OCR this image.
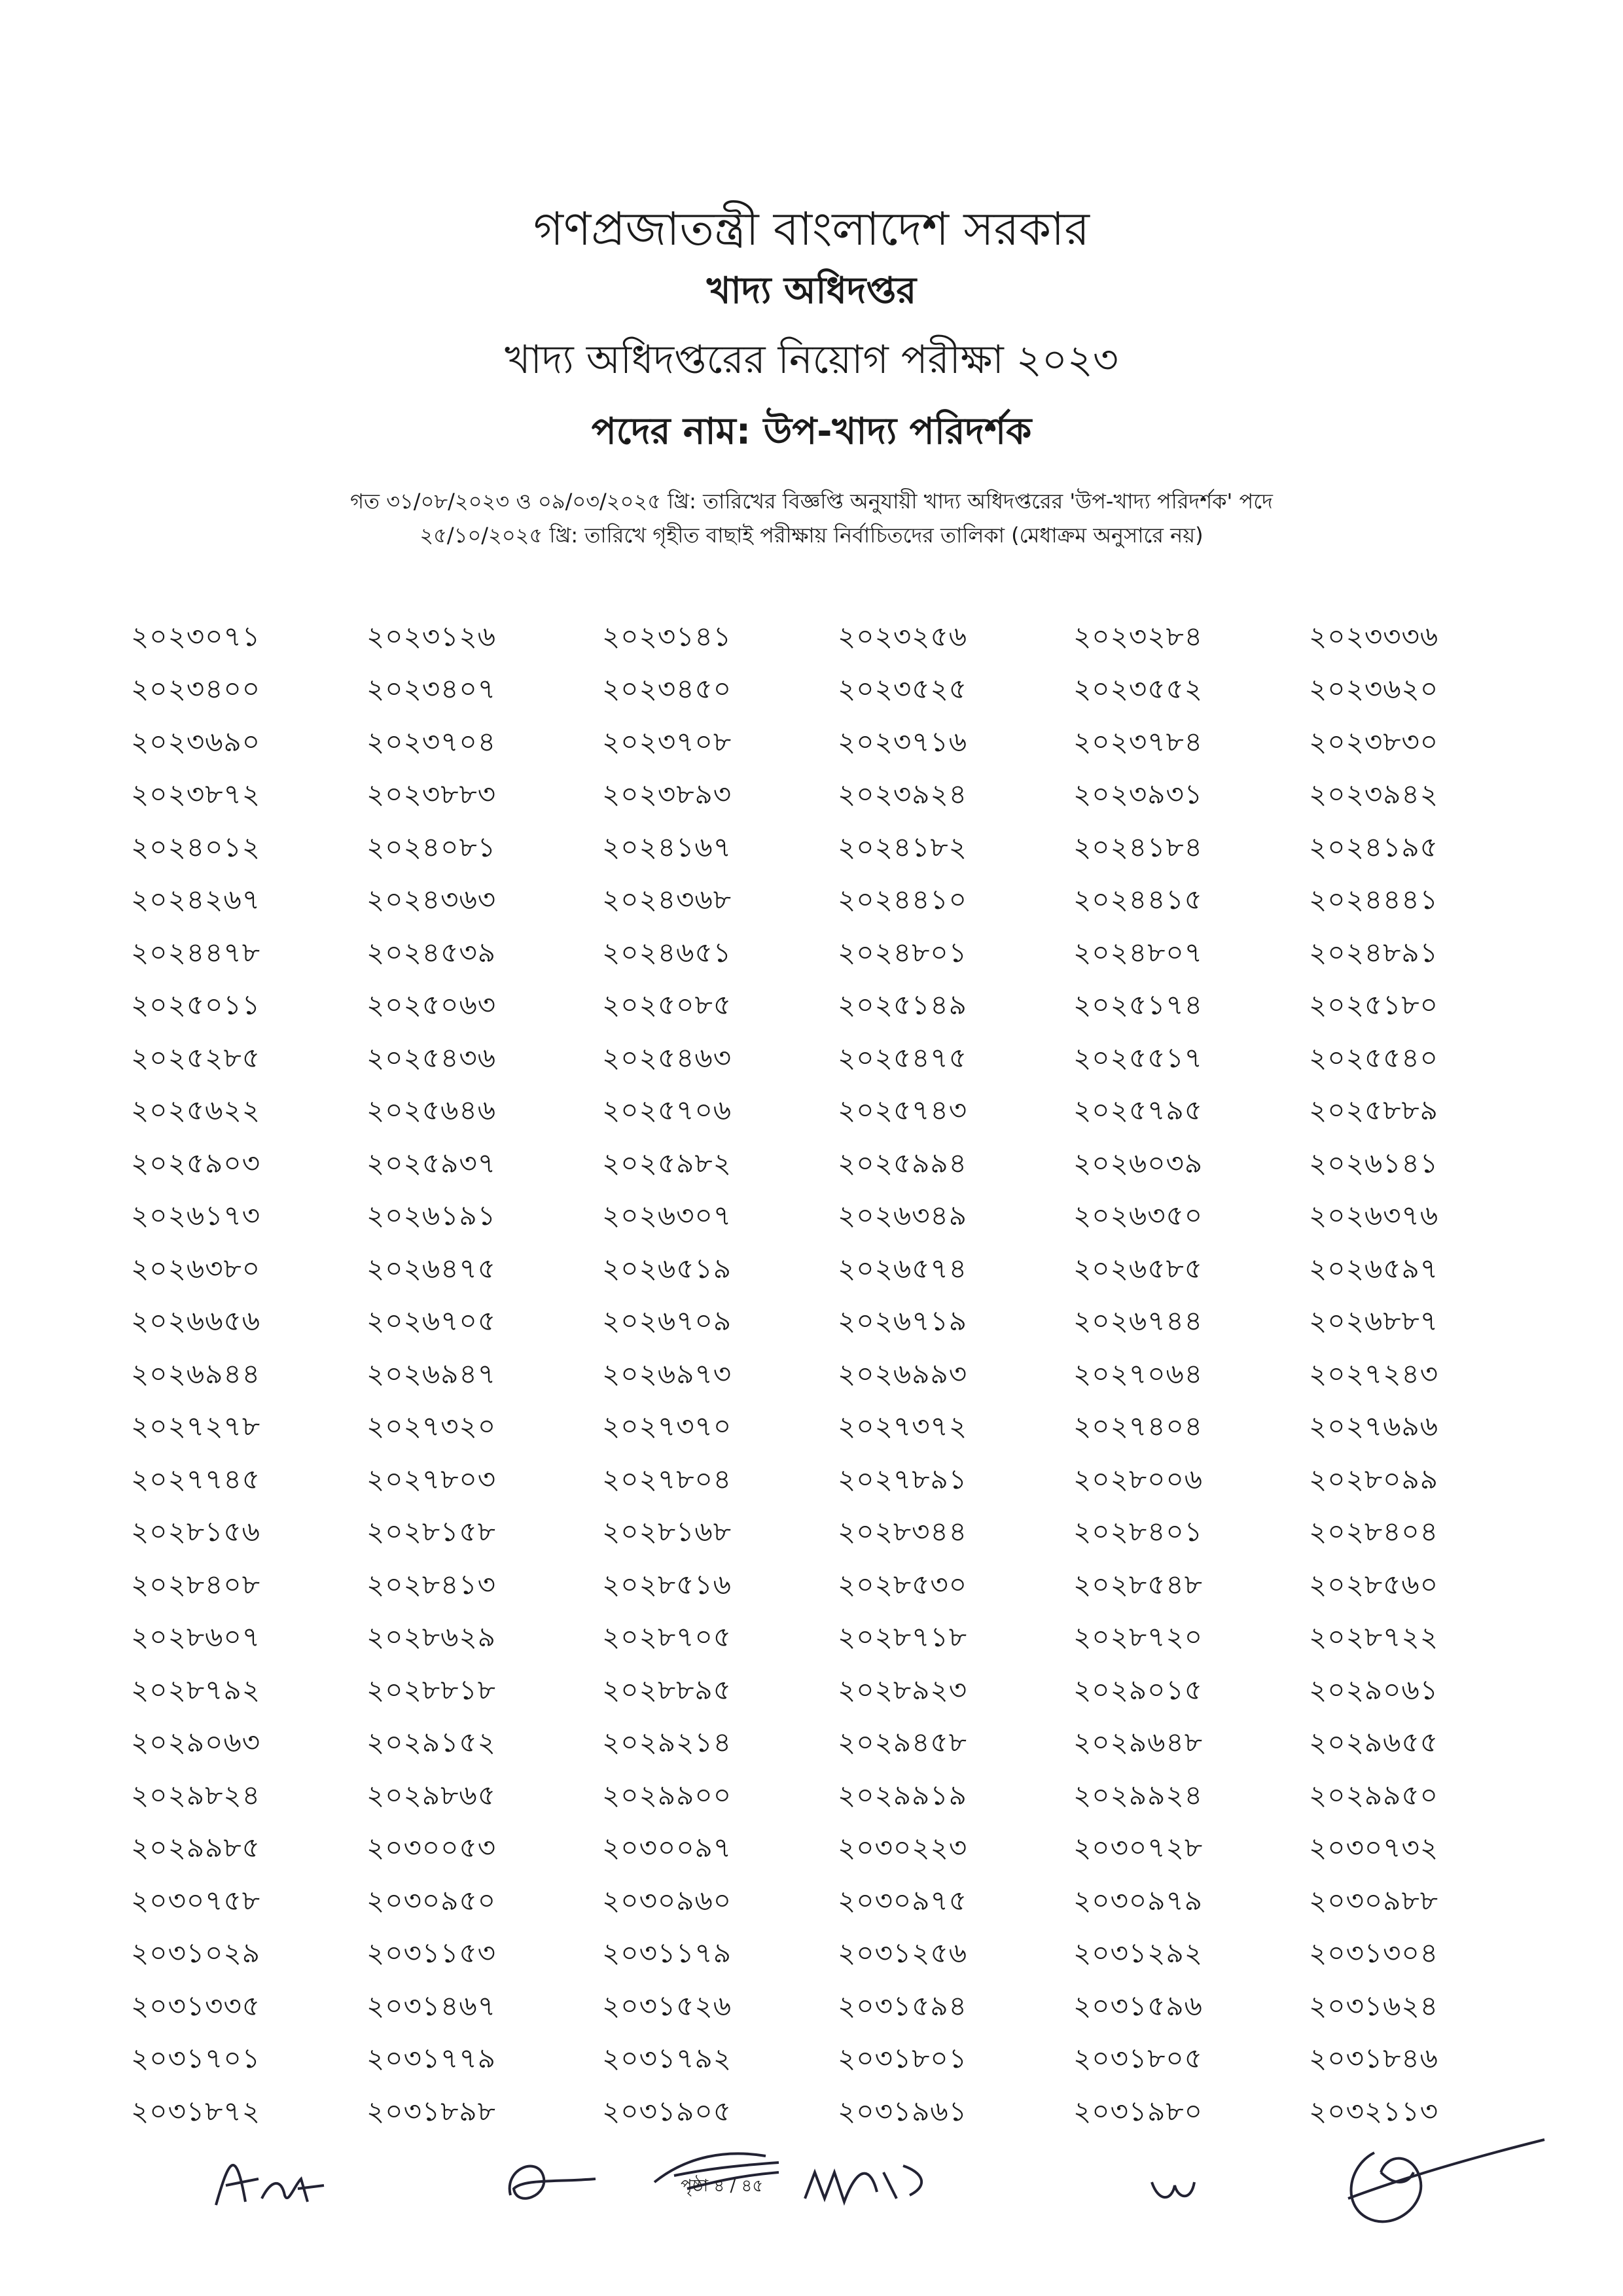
গণপ্রজাতন্ত্রী বাংলাদেশ সরকার

খাদ্য অধিদপ্তর

খাদ্য অধিদপ্তরের নিয়োগ পরীক্ষা ২০২৩

পদের নাম: উপ-খাদ্য পরিদর্শক

গত ৩১/০৮/২০২৩ ও ০৯/০৩/২০২৫ খ্রি: তারিখের বিজ্ঞপ্তি অনুযায়ী খাদ্য অধিদপ্তরের 'উপ-খাদ্য পরিদর্শক' পদে
২৫/১০/২০২৫ খ্রি: তারিখে গৃহীত বাছাই পরীক্ষায় নির্বাচিতদের তালিকা (মেধাক্রম অনুসারে নয়)
২০২৩০৭১	২০২৩১২৬	২০২৩১৪১	২০২৩২৫৬	২০২৩২৮৪	২০২৩৩৩৬
২০২৩৪০০	২০২৩৪০৭	২০২৩৪৫০	২০২৩৫২৫	২০২৩৫৫২	২০২৩৬২০
২০২৩৬৯০	২০২৩৭০৪	২০২৩৭০৮	২০২৩৭১৬	২০২৩৭৮৪	২০২৩৮৩০
২০২৩৮৭২	২০২৩৮৮৩	২০২৩৮৯৩	২০২৩৯২৪	২০২৩৯৩১	২০২৩৯৪২
২০২৪০১২	২০২৪০৮১	২০২৪১৬৭	২০২৪১৮২	২০২৪১৮৪	২০২৪১৯৫
২০২৪২৬৭	২০২৪৩৬৩	২০২৪৩৬৮	২০২৪৪১০	২০২৪৪১৫	২০২৪৪৪১
২০২৪৪৭৮	২০২৪৫৩৯	২০২৪৬৫১	২০২৪৮০১	২০২৪৮০৭	২০২৪৮৯১
২০২৫০১১	২০২৫০৬৩	২০২৫০৮৫	২০২৫১৪৯	২০২৫১৭৪	২০২৫১৮০
২০২৫২৮৫	২০২৫৪৩৬	২০২৫৪৬৩	২০২৫৪৭৫	২০২৫৫১৭	২০২৫৫৪০
২০২৫৬২২	২০২৫৬৪৬	২০২৫৭০৬	২০২৫৭৪৩	২০২৫৭৯৫	২০২৫৮৮৯
২০২৫৯০৩	২০২৫৯৩৭	২০২৫৯৮২	২০২৫৯৯৪	২০২৬০৩৯	২০২৬১৪১
২০২৬১৭৩	২০২৬১৯১	২০২৬৩০৭	২০২৬৩৪৯	২০২৬৩৫০	২০২৬৩৭৬
২০২৬৩৮০	২০২৬৪৭৫	২০২৬৫১৯	২০২৬৫৭৪	২০২৬৫৮৫	২০২৬৫৯৭
২০২৬৬৫৬	২০২৬৭০৫	২০২৬৭০৯	২০২৬৭১৯	২০২৬৭৪৪	২০২৬৮৮৭
২০২৬৯৪৪	২০২৬৯৪৭	২০২৬৯৭৩	২০২৬৯৯৩	২০২৭০৬৪	২০২৭২৪৩
২০২৭২৭৮	২০২৭৩২০	২০২৭৩৭০	২০২৭৩৭২	২০২৭৪০৪	২০২৭৬৯৬
২০২৭৭৪৫	২০২৭৮০৩	২০২৭৮০৪	২০২৭৮৯১	২০২৮০০৬	২০২৮০৯৯
২০২৮১৫৬	২০২৮১৫৮	২০২৮১৬৮	২০২৮৩৪৪	২০২৮৪০১	২০২৮৪০৪
২০২৮৪০৮	২০২৮৪১৩	২০২৮৫১৬	২০২৮৫৩০	২০২৮৫৪৮	২০২৮৫৬০
২০২৮৬০৭	২০২৮৬২৯	২০২৮৭০৫	২০২৮৭১৮	২০২৮৭২০	২০২৮৭২২
২০২৮৭৯২	২০২৮৮১৮	২০২৮৮৯৫	২০২৮৯২৩	২০২৯০১৫	২০২৯০৬১
২০২৯০৬৩	২০২৯১৫২	২০২৯২১৪	২০২৯৪৫৮	২০২৯৬৪৮	২০২৯৬৫৫
২০২৯৮২৪	২০২৯৮৬৫	২০২৯৯০০	২০২৯৯১৯	২০২৯৯২৪	২০২৯৯৫০
২০২৯৯৮৫	২০৩০০৫৩	২০৩০০৯৭	২০৩০২২৩	২০৩০৭২৮	২০৩০৭৩২
২০৩০৭৫৮	২০৩০৯৫০	২০৩০৯৬০	২০৩০৯৭৫	২০৩০৯৭৯	২০৩০৯৮৮
২০৩১০২৯	২০৩১১৫৩	২০৩১১৭৯	২০৩১২৫৬	২০৩১২৯২	২০৩১৩০৪
২০৩১৩৩৫	২০৩১৪৬৭	২০৩১৫২৬	২০৩১৫৯৪	২০৩১৫৯৬	২০৩১৬২৪
২০৩১৭০১	২০৩১৭৭৯	২০৩১৭৯২	২০৩১৮০১	২০৩১৮০৫	২০৩১৮৪৬
২০৩১৮৭২	২০৩১৮৯৮	২০৩১৯০৫	২০৩১৯৬১	২০৩১৯৮০	২০৩২১১৩
পৃষ্ঠা ৪ / ৪৫
